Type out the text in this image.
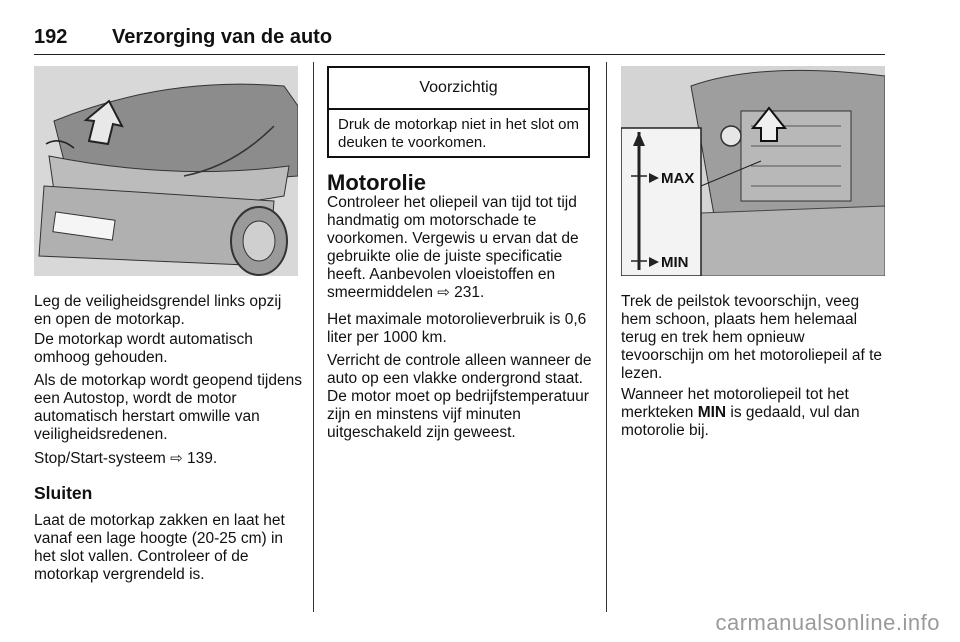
192 Verzorging van de auto

Leg de veiligheidsgrendel links opzij en open de motorkap.

De motorkap wordt automatisch omhoog gehouden.

Als de motorkap wordt geopend tijdens een Autostop, wordt de motor automatisch herstart omwille van veiligheidsredenen.

Stop/Start-systeem ⇨ 139.

Sluiten

Laat de motorkap zakken en laat het vanaf een lage hoogte (20-25 cm) in het slot vallen. Controleer of de motorkap vergrendeld is.

Voorzichtig
Druk de motorkap niet in het slot om deuken te voorkomen.
Motorolie

Controleer het oliepeil van tijd tot tijd handmatig om motorschade te voorkomen. Vergewis u ervan dat de gebruikte olie de juiste specificatie heeft. Aanbevolen vloeistoffen en smeermiddelen ⇨ 231.

Het maximale motorolieverbruik is 0,6 liter per 1000 km.

Verricht de controle alleen wanneer de auto op een vlakke ondergrond staat. De motor moet op bedrijfstemperatuur zijn en minstens vijf minuten uitgeschakeld zijn geweest.

MAX
MIN

Trek de peilstok tevoorschijn, veeg hem schoon, plaats hem helemaal terug en trek hem opnieuw tevoorschijn om het motoroliepeil af te lezen.

Wanneer het motoroliepeil tot het merkteken MIN is gedaald, vul dan motorolie bij.

carmanualsonline.info
